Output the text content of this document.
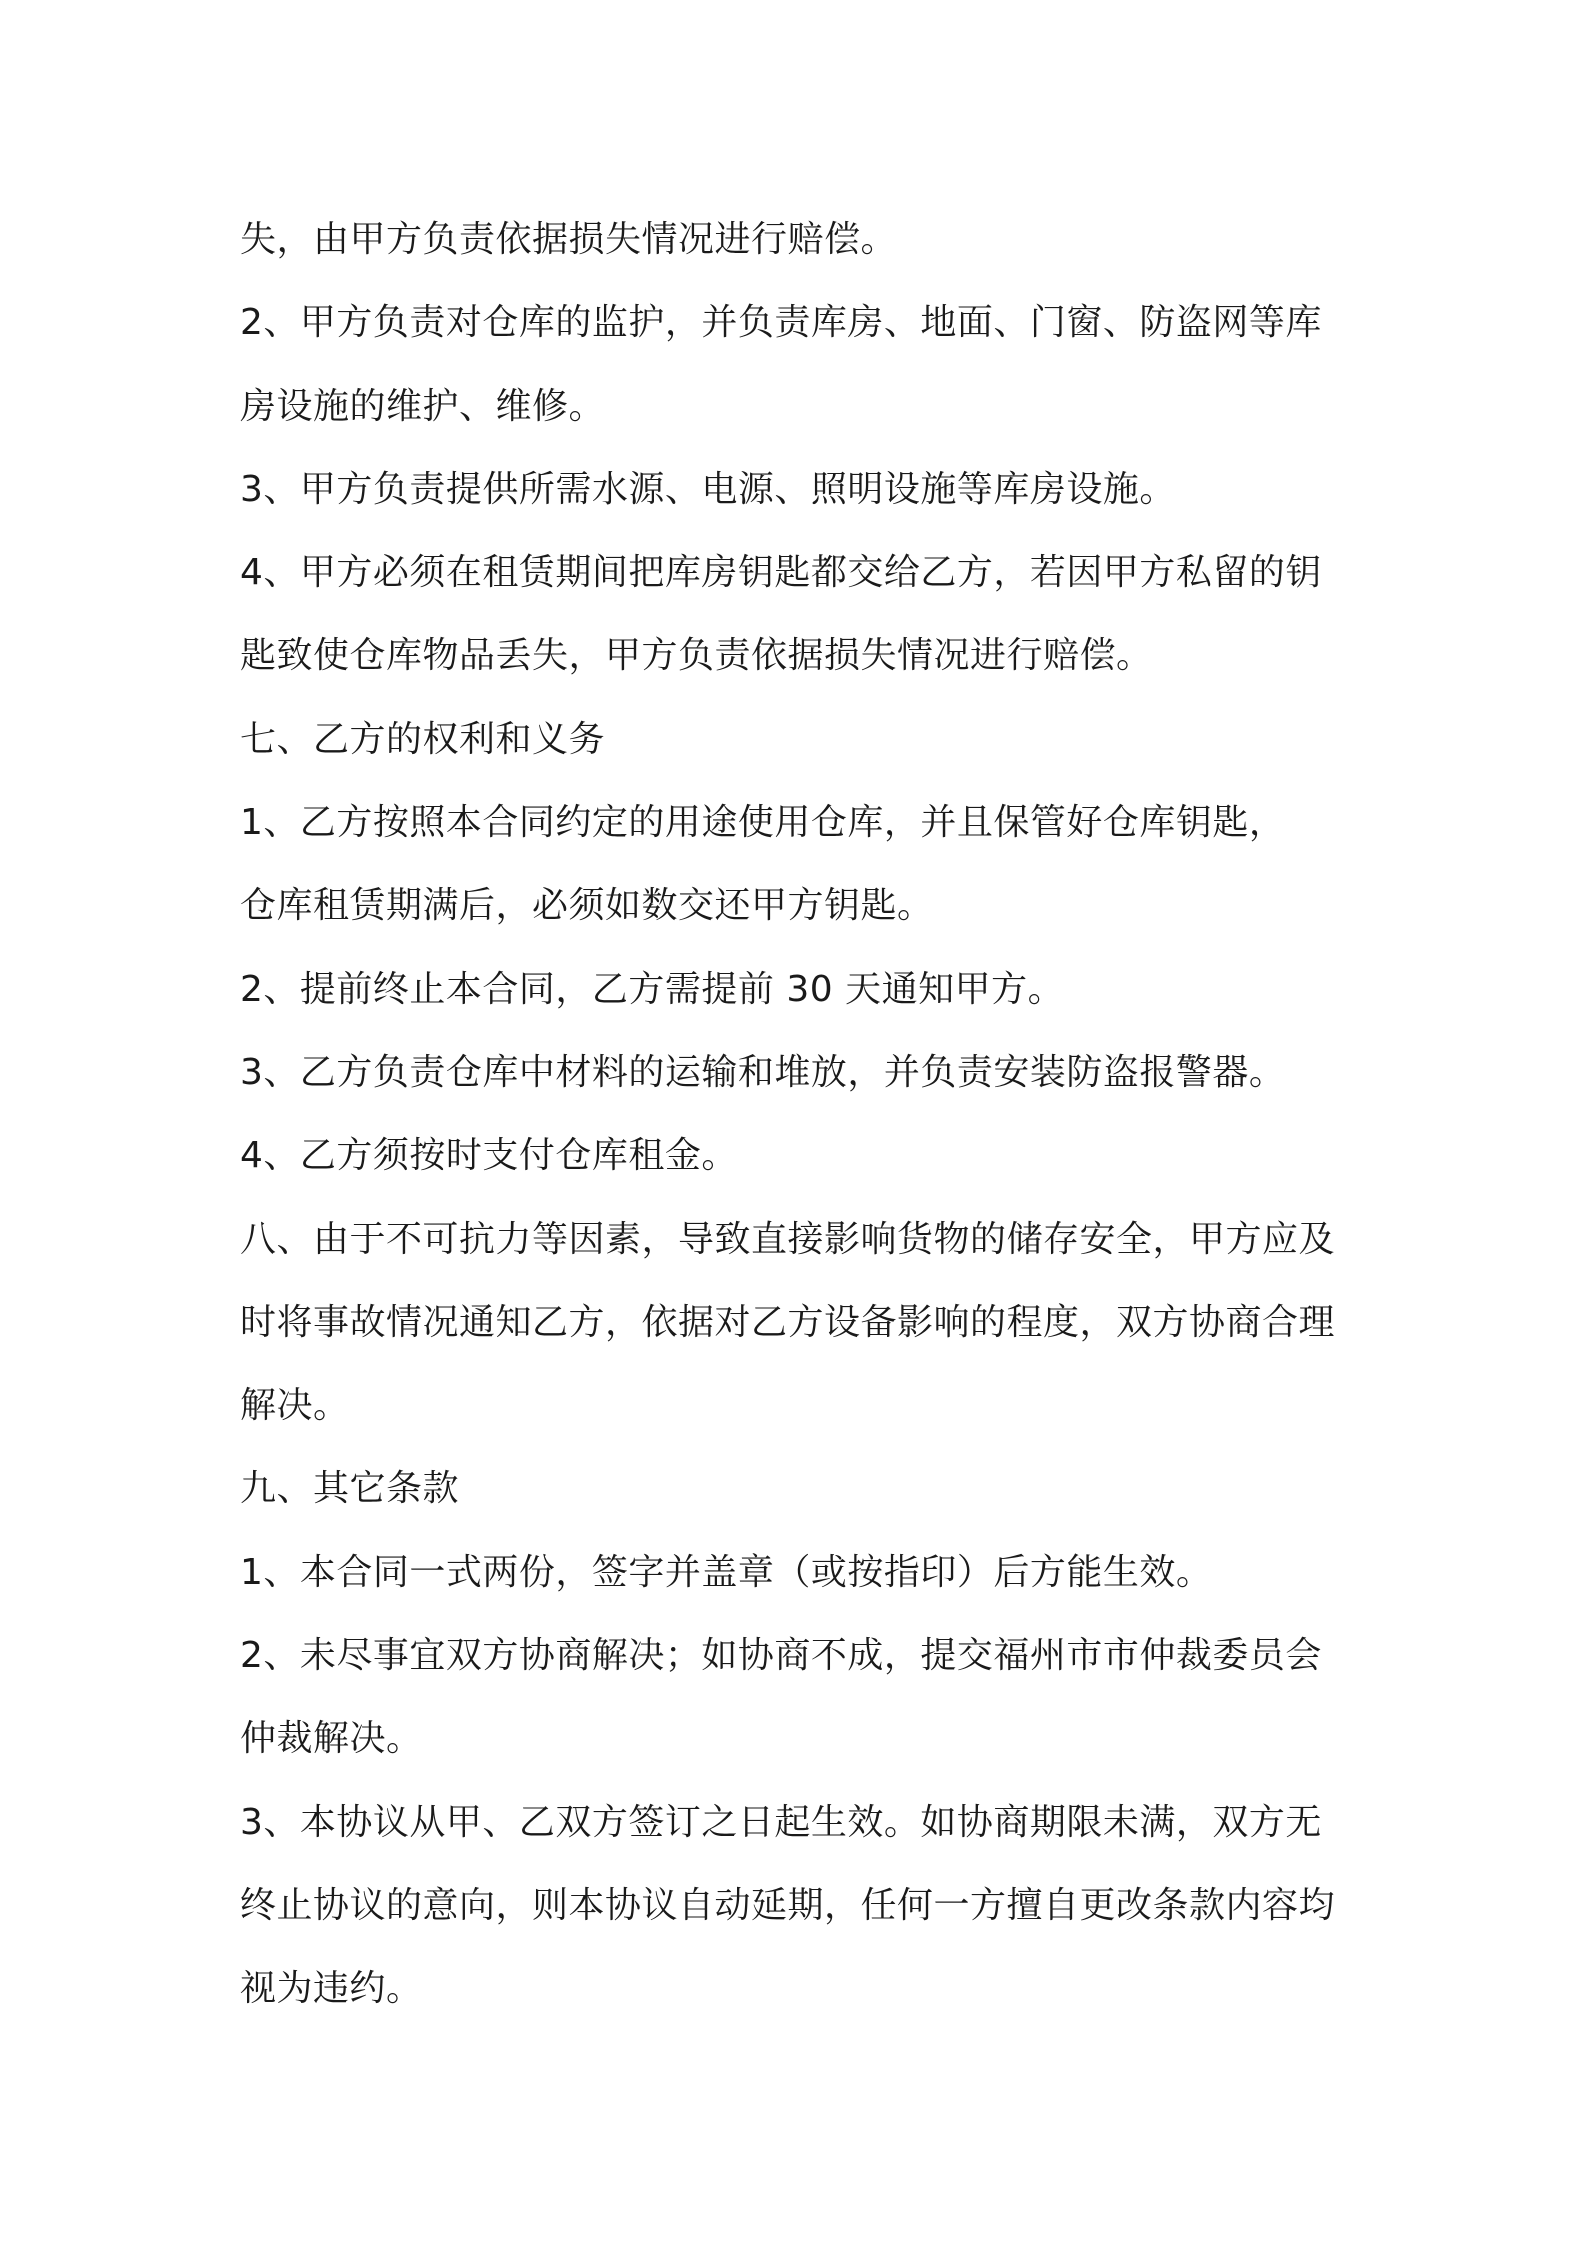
失，由甲方负责依据损失情况进行赔偿。
2、甲方负责对仓库的监护，并负责库房、地面、门窗、防盗网等库
房设施的维护、维修。
3、甲方负责提供所需水源、电源、照明设施等库房设施。
4、甲方必须在租赁期间把库房钥匙都交给乙方，若因甲方私留的钥
匙致使仓库物品丢失，甲方负责依据损失情况进行赔偿。
七、乙方的权利和义务
1、乙方按照本合同约定的用途使用仓库，并且保管好仓库钥匙，
仓库租赁期满后，必须如数交还甲方钥匙。
2、提前终止本合同，乙方需提前 30 天通知甲方。
3、乙方负责仓库中材料的运输和堆放，并负责安装防盗报警器。
4、乙方须按时支付仓库租金。
八、由于不可抗力等因素，导致直接影响货物的储存安全，甲方应及
时将事故情况通知乙方，依据对乙方设备影响的程度，双方协商合理
解决。
九、其它条款
1、本合同一式两份，签字并盖章（或按指印）后方能生效。
2、未尽事宜双方协商解决；如协商不成，提交福州市市仲裁委员会
仲裁解决。
3、本协议从甲、乙双方签订之日起生效。如协商期限未满，双方无
终止协议的意向，则本协议自动延期，任何一方擅自更改条款内容均
视为违约。
